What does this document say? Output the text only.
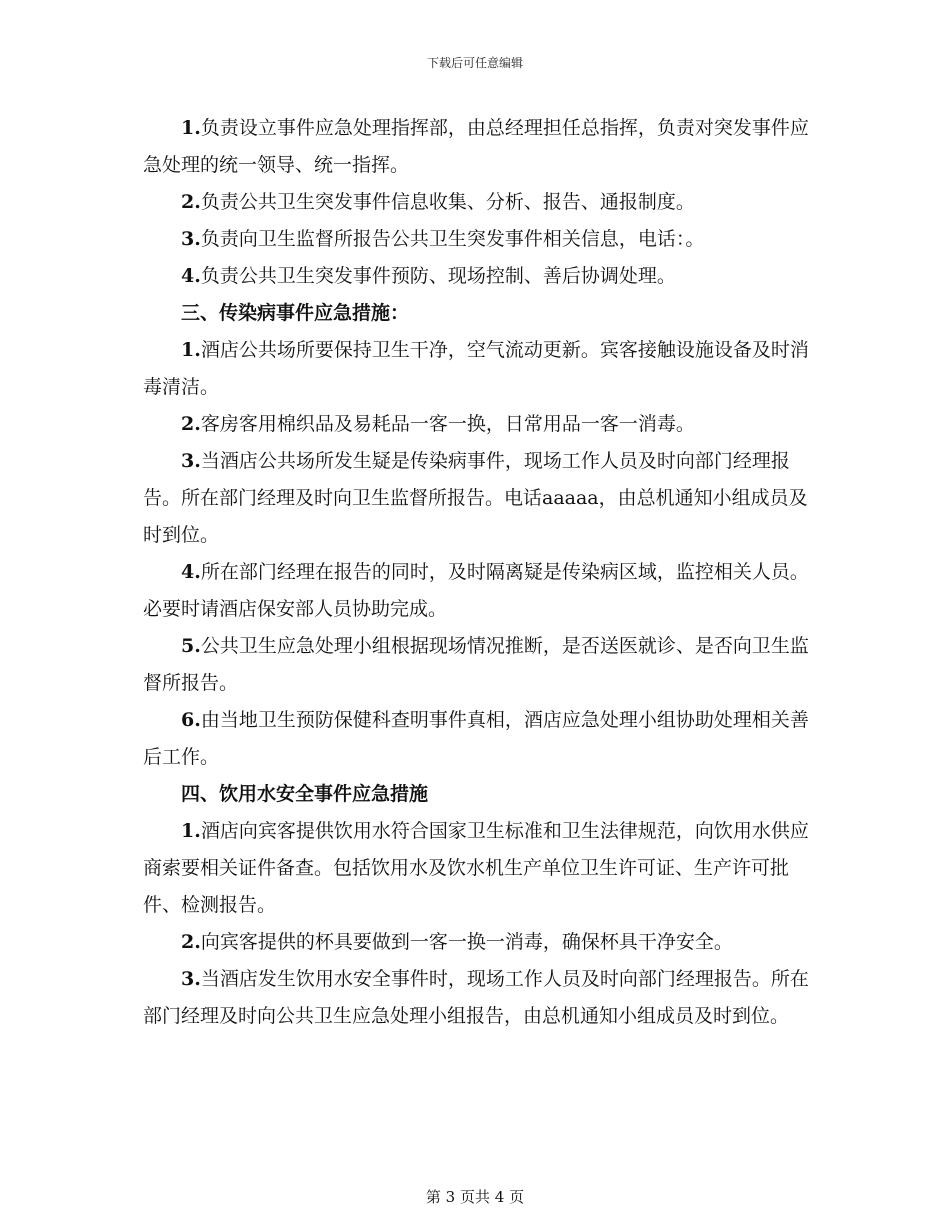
下载后可任意编辑

1.负责设立事件应急处理指挥部，由总经理担任总指挥，负责对突发事件应急处理的统一领导、统一指挥。

2.负责公共卫生突发事件信息收集、分析、报告、通报制度。

3.负责向卫生监督所报告公共卫生突发事件相关信息，电话：。

4.负责公共卫生突发事件预防、现场控制、善后协调处理。

三、传染病事件应急措施：

1.酒店公共场所要保持卫生干净，空气流动更新。宾客接触设施设备及时消毒清洁。

2.客房客用棉织品及易耗品一客一换，日常用品一客一消毒。

3.当酒店公共场所发生疑是传染病事件，现场工作人员及时向部门经理报告。所在部门经理及时向卫生监督所报告。电话aaaaa，由总机通知小组成员及时到位。

4.所在部门经理在报告的同时，及时隔离疑是传染病区域，监控相关人员。必要时请酒店保安部人员协助完成。

5.公共卫生应急处理小组根据现场情况推断，是否送医就诊、是否向卫生监督所报告。

6.由当地卫生预防保健科查明事件真相，酒店应急处理小组协助处理相关善后工作。

四、饮用水安全事件应急措施

1.酒店向宾客提供饮用水符合国家卫生标准和卫生法律规范，向饮用水供应商索要相关证件备查。包括饮用水及饮水机生产单位卫生许可证、生产许可批件、检测报告。

2.向宾客提供的杯具要做到一客一换一消毒，确保杯具干净安全。

3.当酒店发生饮用水安全事件时，现场工作人员及时向部门经理报告。所在部门经理及时向公共卫生应急处理小组报告，由总机通知小组成员及时到位。

第 3 页共 4 页
